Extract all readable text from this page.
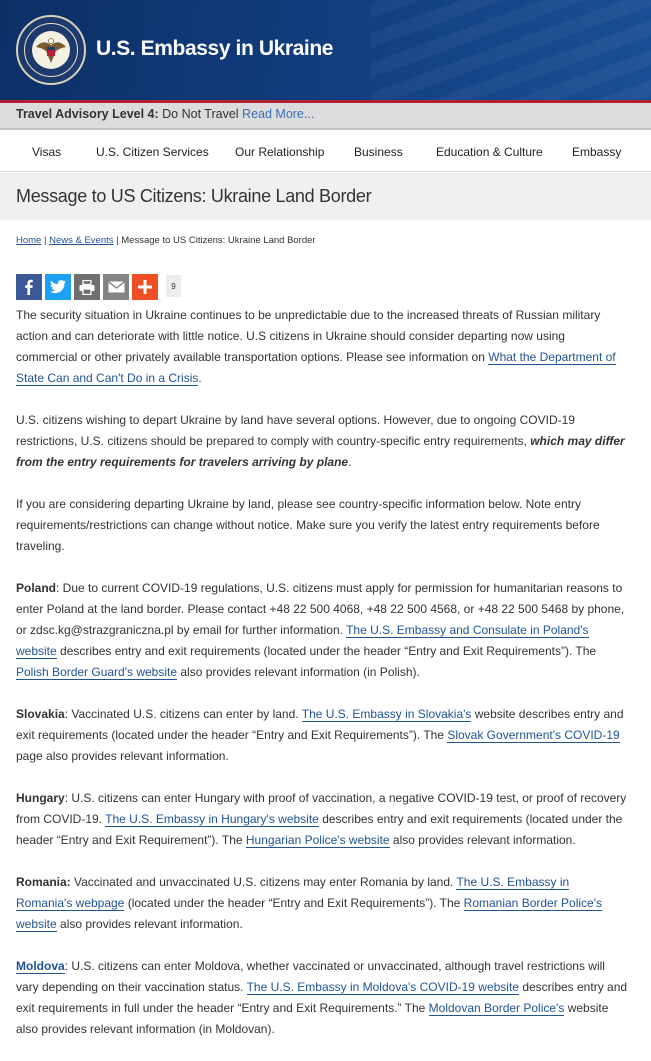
U.S. Embassy in Ukraine
Travel Advisory Level 4: Do Not Travel Read More...
Visas	U.S. Citizen Services Our Relationship Business	Education & Culture Embassy
Message to US Citizens: Ukraine Land Border
Home | News & Events | Message to US Citizens: Ukraine Land Border
9

The security situation in Ukraine continues to be unpredictable due to the increased threats of Russian military action and can deteriorate with little notice. U.S citizens in Ukraine should consider departing now using commercial or other privately available transportation options. Please see information on What the Department of State Can and Can't Do in a Crisis.

U.S. citizens wishing to depart Ukraine by land have several options. However, due to ongoing COVID-19 restrictions, U.S. citizens should be prepared to comply with country-specific entry requirements, which may differ from the entry requirements for travelers arriving by plane.

If you are considering departing Ukraine by land, please see country-specific information below. Note entry requirements/restrictions can change without notice. Make sure you verify the latest entry requirements before traveling.

Poland: Due to current COVID-19 regulations, U.S. citizens must apply for permission for humanitarian reasons to enter Poland at the land border. Please contact +48 22 500 4068, +48 22 500 4568, or +48 22 500 5468 by phone, or zdsc.kg@strazgraniczna.pl by email for further information. The U.S. Embassy and Consulate in Poland's website describes entry and exit requirements (located under the header “Entry and Exit Requirements”). The Polish Border Guard's website also provides relevant information (in Polish).

Slovakia: Vaccinated U.S. citizens can enter by land. The U.S. Embassy in Slovakia's website describes entry and exit requirements (located under the header “Entry and Exit Requirements”). The Slovak Government's COVID-19 page also provides relevant information.

Hungary: U.S. citizens can enter Hungary with proof of vaccination, a negative COVID-19 test, or proof of recovery from COVID-19. The U.S. Embassy in Hungary's website describes entry and exit requirements (located under the header “Entry and Exit Requirement”). The Hungarian Police's website also provides relevant information.

Romania: Vaccinated and unvaccinated U.S. citizens may enter Romania by land. The U.S. Embassy in Romania's webpage (located under the header “Entry and Exit Requirements”). The Romanian Border Police's website also provides relevant information.

Moldova: U.S. citizens can enter Moldova, whether vaccinated or unvaccinated, although travel restrictions will vary depending on their vaccination status. The U.S. Embassy in Moldova's COVID-19 website describes entry and exit requirements in full under the header “Entry and Exit Requirements.” The Moldovan Border Police's website also provides relevant information (in Moldovan).
